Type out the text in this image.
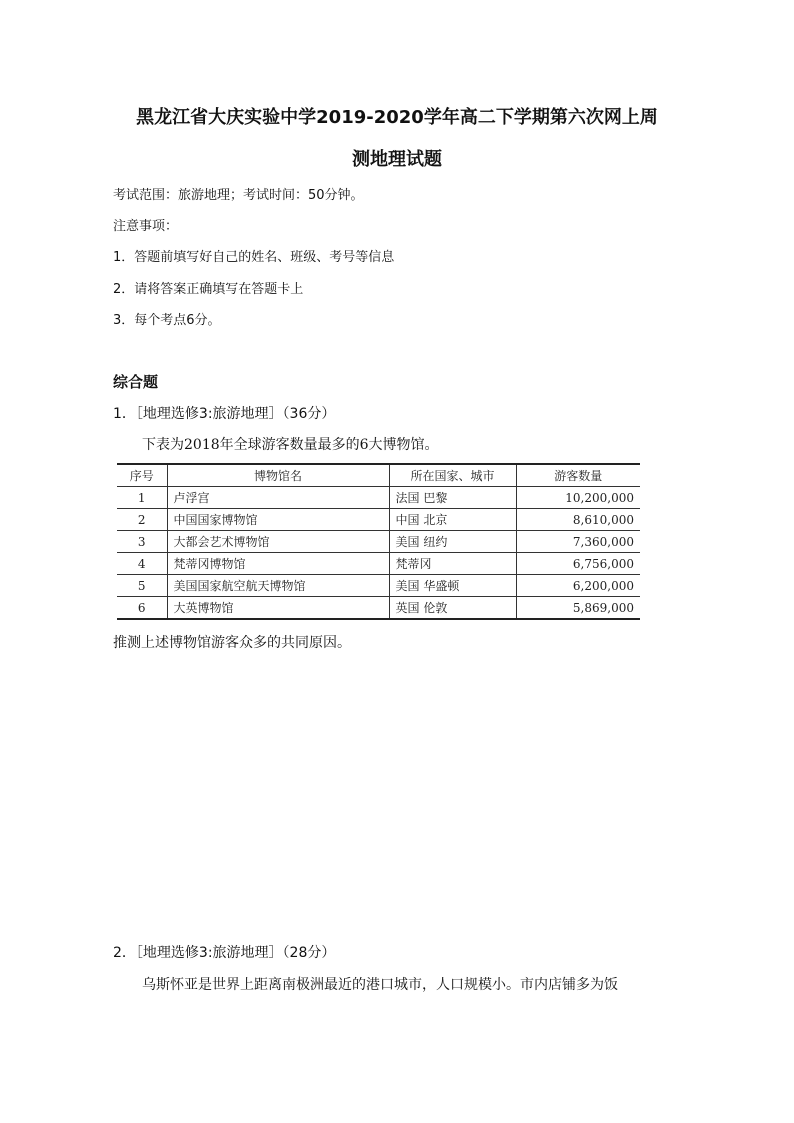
黑龙江省大庆实验中学2019-2020学年高二下学期第六次网上周
测地理试题
考试范围：旅游地理；考试时间：50分钟。
注意事项：
1．答题前填写好自己的姓名、班级、考号等信息
2．请将答案正确填写在答题卡上
3．每个考点6分。
综合题
1．［地理选修3:旅游地理］（36分）
下表为2018年全球游客数量最多的6大博物馆。
序号	博物馆名	所在国家、城市	游客数量
1	卢浮宫	法国 巴黎	10,200,000
2	中国国家博物馆	中国 北京	8,610,000
3	大都会艺术博物馆	美国 纽约	7,360,000
4	梵蒂冈博物馆	梵蒂冈	6,756,000
5	美国国家航空航天博物馆	美国 华盛顿	6,200,000
6	大英博物馆	英国 伦敦	5,869,000
推测上述博物馆游客众多的共同原因。
2．［地理选修3:旅游地理］（28分）
乌斯怀亚是世界上距离南极洲最近的港口城市，人口规模小。市内店铺多为饭
